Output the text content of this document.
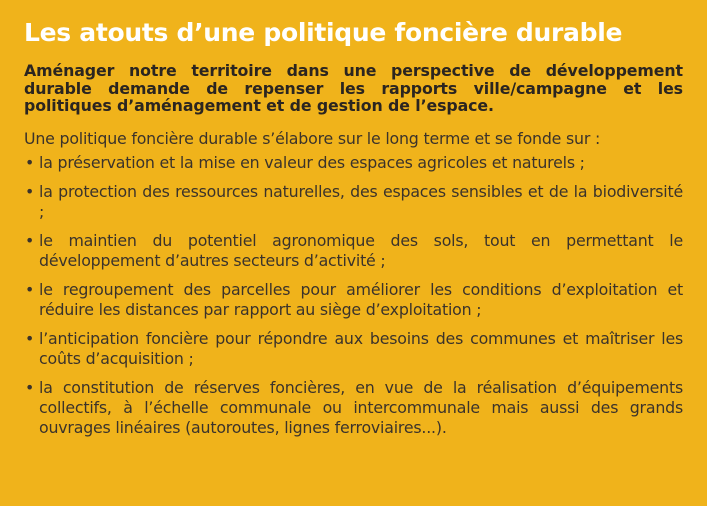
Les atouts d’une politique foncière durable

Aménager notre territoire dans une perspective de développement durable demande de repenser les rapports ville/campagne et les politiques d’aménagement et de gestion de l’espace.

Une politique foncière durable s’élabore sur le long terme et se fonde sur :

• la préservation et la mise en valeur des espaces agricoles et naturels ;
• la protection des ressources naturelles, des espaces sensibles et de la biodiversité ;
• le maintien du potentiel agronomique des sols, tout en permettant le développement d’autres secteurs d’activité ;
• le regroupement des parcelles pour améliorer les conditions d’exploitation et réduire les distances par rapport au siège d’exploitation ;
• l’anticipation foncière pour répondre aux besoins des communes et maîtriser les coûts d’acquisition ;
• la constitution de réserves foncières, en vue de la réalisation d’équipements collectifs, à l’échelle communale ou intercommunale mais aussi des grands ouvrages linéaires (autoroutes, lignes ferroviaires...).
